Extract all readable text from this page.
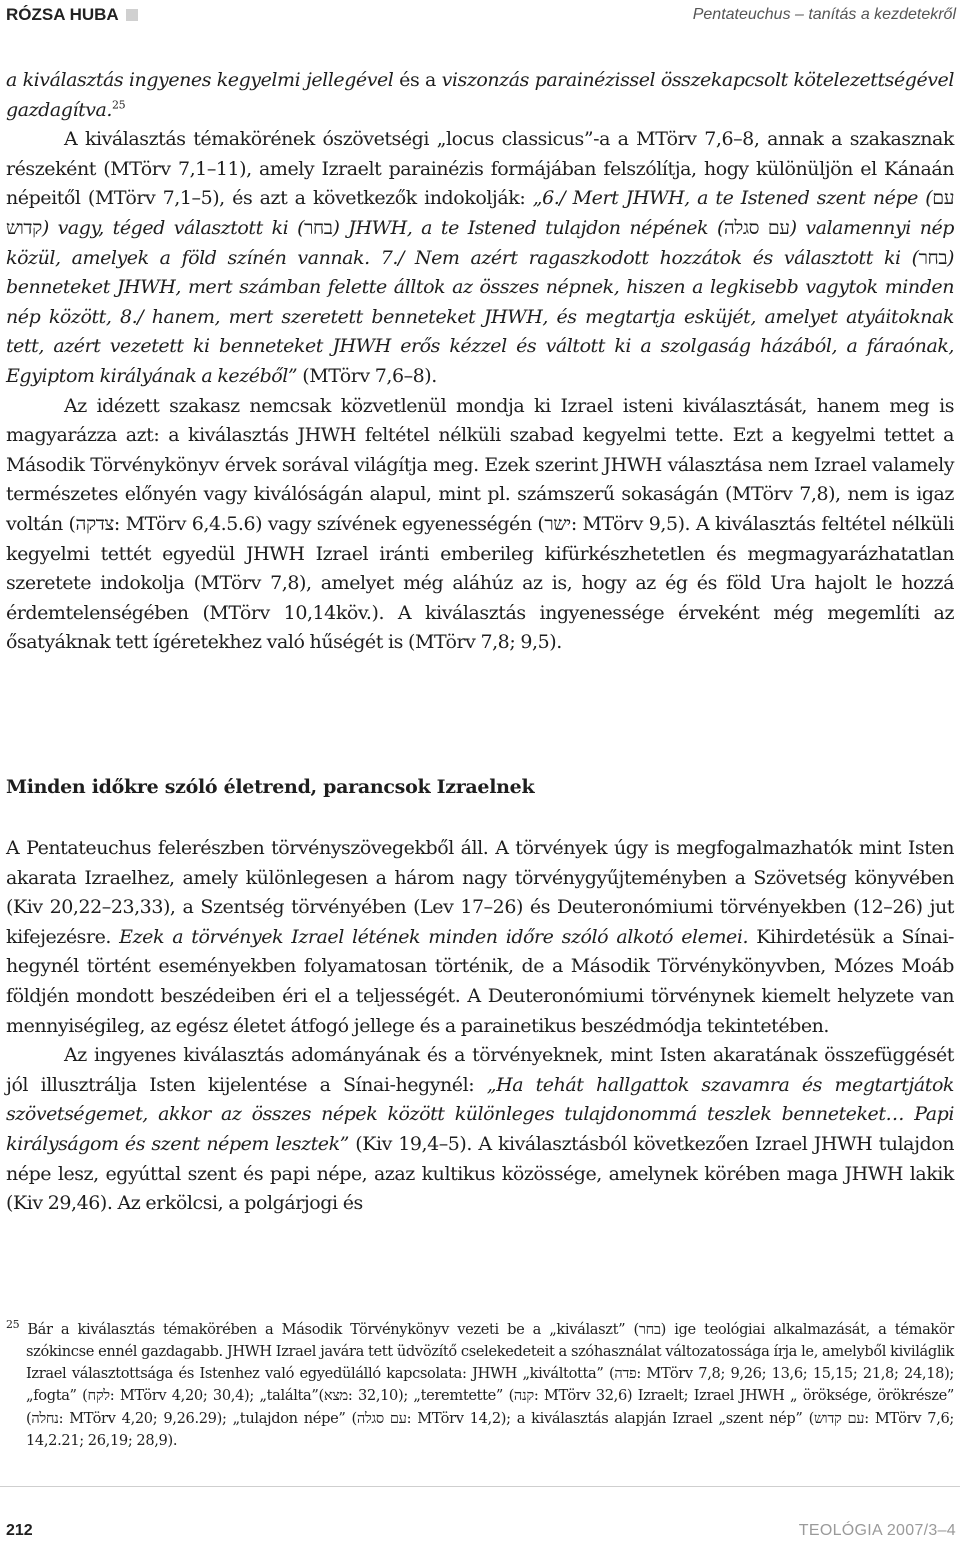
RÓZSA HUBA	Pentateuchus – tanítás a kezdetekről

a kiválasztás ingyenes kegyelmi jellegével és a viszonzás parainézissel összekapcsolt kötelezettségével gazdagítva.$^{25}$

A kiválasztás témakörének ószövetségi „locus classicus”-a a MTörv 7,6–8, annak a szakasznak részeként (MTörv 7,1–11), amely Izraelt parainézis formájában felszólítja, hogy különüljön el Kánaán népeitől (MTörv 7,1–5), és azt a következők indokolják: „6./ Mert JHWH, a te Istened szent népe (עם קדוש) vagy, téged választott ki (בחר) JHWH, a te Istened tulajdon népének (עם סגלה) valamennyi nép közül, amelyek a föld színén vannak. 7./ Nem azért ragaszkodott hozzátok és választott ki (בחר) benneteket JHWH, mert számban felette álltok az összes népnek, hiszen a legkisebb vagytok minden nép között, 8./ hanem, mert szeretett benneteket JHWH, és megtartja esküjét, amelyet atyáitoknak tett, azért vezetett ki benneteket JHWH erős kézzel és váltott ki a szolgaság házából, a fáraónak, Egyiptom királyának a kezéből” (MTörv 7,6–8).

Az idézett szakasz nemcsak közvetlenül mondja ki Izrael isteni kiválasztását, hanem meg is magyarázza azt: a kiválasztás JHWH feltétel nélküli szabad kegyelmi tette. Ezt a kegyelmi tettet a Második Törvénykönyv érvek sorával világítja meg. Ezek szerint JHWH választása nem Izrael valamely természetes előnyén vagy kiválóságán alapul, mint pl. számszerű sokaságán (MTörv 7,8), nem is igaz voltán (צדקה: MTörv 6,4.5.6) vagy szívének egyenességén (ישר: MTörv 9,5). A kiválasztás feltétel nélküli kegyelmi tettét egyedül JHWH Izrael iránti emberileg kifürkészhetetlen és megmagyarázhatatlan szeretete indokolja (MTörv 7,8), amelyet még aláhúz az is, hogy az ég és föld Ura hajolt le hozzá érdemtelenségében (MTörv 10,14köv.). A kiválasztás ingyenessége érveként még megemlíti az ősatyáknak tett ígéretekhez való hűségét is (MTörv 7,8; 9,5).

Minden időkre szóló életrend, parancsok Izraelnek

A Pentateuchus felerészben törvényszövegekből áll. A törvények úgy is megfogalmazhatók mint Isten akarata Izraelhez, amely különlegesen a három nagy törvénygyűjteményben a Szövetség könyvében (Kiv 20,22–23,33), a Szentség törvényében (Lev 17–26) és Deuteronómiumi törvényekben (12–26) jut kifejezésre. Ezek a törvények Izrael létének minden időre szóló alkotó elemei. Kihirdetésük a Sínai-hegynél történt eseményekben folyamatosan történik, de a Második Törvénykönyvben, Mózes Moáb földjén mondott beszédeiben éri el a teljességét. A Deuteronómiumi törvénynek kiemelt helyzete van mennyiségileg, az egész életet átfogó jellege és a parainetikus beszédmódja tekintetében.

Az ingyenes kiválasztás adományának és a törvényeknek, mint Isten akaratának összefüggését jól illusztrálja Isten kijelentése a Sínai-hegynél: „Ha tehát hallgattok szavamra és megtartjátok szövetségemet, akkor az összes népek között különleges tulajdonommá teszlek benneteket… Papi királyságom és szent népem lesztek” (Kiv 19,4–5). A kiválasztásból következően Izrael JHWH tulajdon népe lesz, egyúttal szent és papi népe, azaz kultikus közössége, amelynek körében maga JHWH lakik (Kiv 29,46). Az erkölcsi, a polgárjogi és

$^{25}$ Bár a kiválasztás témakörében a Második Törvénykönyv vezeti be a „kiválaszt” (בחר) ige teológiai alkalmazását, a témakör szókincse ennél gazdagabb. JHWH Izrael javára tett üdvözítő cselekedeteit a szóhasználat változatossága írja le, amelyből kiviláglik Izrael választottsága és Istenhez való egyedülálló kapcsolata: JHWH „kiváltotta” (פדה: MTörv 7,8; 9,26; 13,6; 15,15; 21,8; 24,18); „fogta” (לקח: MTörv 4,20; 30,4); „találta”(מצא: 32,10); „teremtette” (קנה: MTörv 32,6) Izraelt; Izrael JHWH „ öröksége, örökrésze” (נחלה: MTörv 4,20; 9,26.29); „tulajdon népe” (עם סגלה: MTörv 14,2); a kiválasztás alapján Izrael „szent nép” (עם קדוש: MTörv 7,6; 14,2.21; 26,19; 28,9).
212	TEOLÓGIA 2007/3–4
